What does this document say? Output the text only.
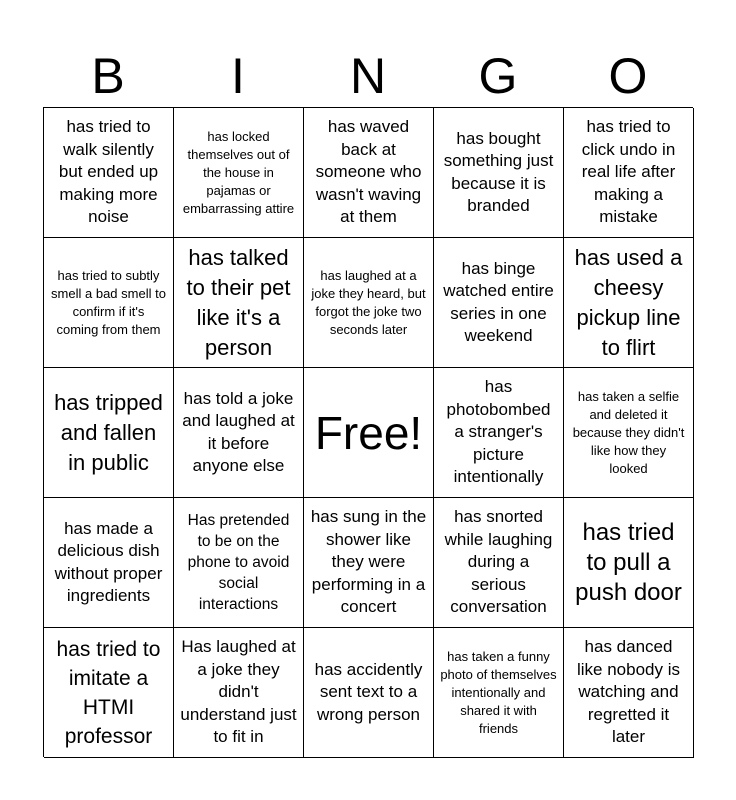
B	I	N	G	O
has tried to walk silently but ended up making more noise
has locked themselves out of the house in pajamas or embarrassing attire
has waved back at someone who wasn't waving at them
has bought something just because it is branded
has tried to click undo in real life after making a mistake
has tried to subtly smell a bad smell to confirm if it's coming from them
has talked to their pet like it's a person
has laughed at a joke they heard, but forgot the joke two seconds later
has binge watched entire series in one weekend
has used a cheesy pickup line to flirt
has tripped and fallen in public
has told a joke and laughed at it before anyone else
Free!
has photobombed a stranger's picture intentionally
has taken a selfie and deleted it because they didn't like how they looked
has made a delicious dish without proper ingredients
Has pretended to be on the phone to avoid social interactions
has sung in the shower like they were performing in a concert
has snorted while laughing during a serious conversation
has tried to pull a push door
has tried to imitate a HTMI professor
Has laughed at a joke they didn't understand just to fit in
has accidently sent text to a wrong person
has taken a funny photo of themselves intentionally and shared it with friends
has danced like nobody is watching and regretted it later
